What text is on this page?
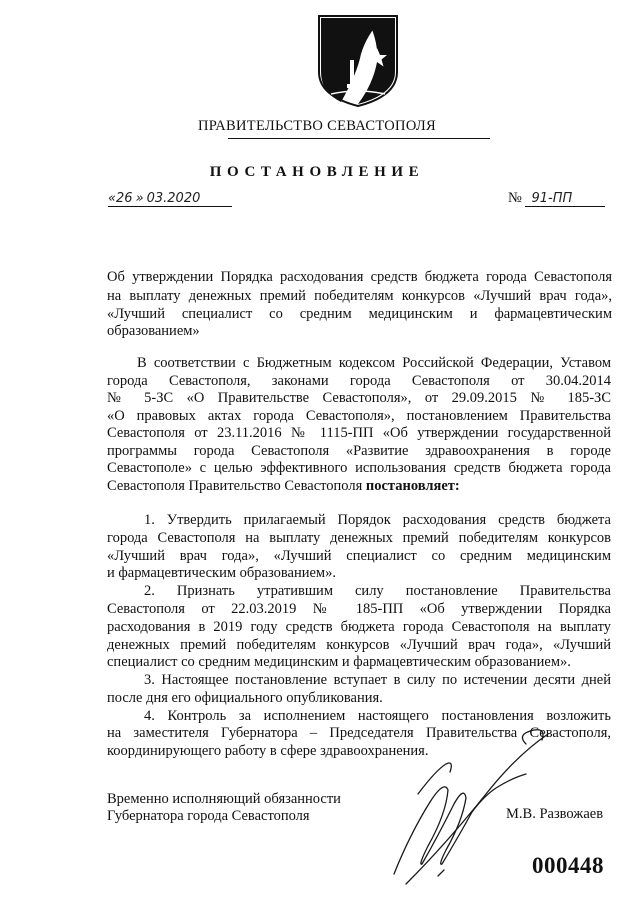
ПРАВИТЕЛЬСТВО СЕВАСТОПОЛЯ
ПОСТАНОВЛЕНИЕ
«26 » 03.2020	№ 91-ПП
Об утверждении Порядка расходования средств бюджета города Севастополя
на выплату денежных премий победителям конкурсов «Лучший врач года»,
«Лучший специалист со средним медицинским и фармацевтическим
образованием»
В соответствии с Бюджетным кодексом Российской Федерации, Уставом
города Севастополя, законами города Севастополя от 30.04.2014
№ 5-ЗС «О Правительстве Севастополя», от 29.09.2015 № 185-ЗС
«О правовых актах города Севастополя», постановлением Правительства
Севастополя от 23.11.2016 № 1115-ПП «Об утверждении государственной
программы города Севастополя «Развитие здравоохранения в городе
Севастополе» с целью эффективного использования средств бюджета города
Севастополя Правительство Севастополя постановляет:
1. Утвердить прилагаемый Порядок расходования средств бюджета
города Севастополя на выплату денежных премий победителям конкурсов
«Лучший врач года», «Лучший специалист со средним медицинским
и фармацевтическим образованием».
2. Признать утратившим силу постановление Правительства
Севастополя от 22.03.2019 № 185-ПП «Об утверждении Порядка
расходования в 2019 году средств бюджета города Севастополя на выплату
денежных премий победителям конкурсов «Лучший врач года», «Лучший
специалист со средним медицинским и фармацевтическим образованием».
3. Настоящее постановление вступает в силу по истечении десяти дней
после дня его официального опубликования.
4. Контроль за исполнением настоящего постановления возложить
на заместителя Губернатора – Председателя Правительства Севастополя,
координирующего работу в сфере здравоохранения.
Временно исполняющий обязанности
Губернатора города Севастополя	М.В. Развожаев
000448
